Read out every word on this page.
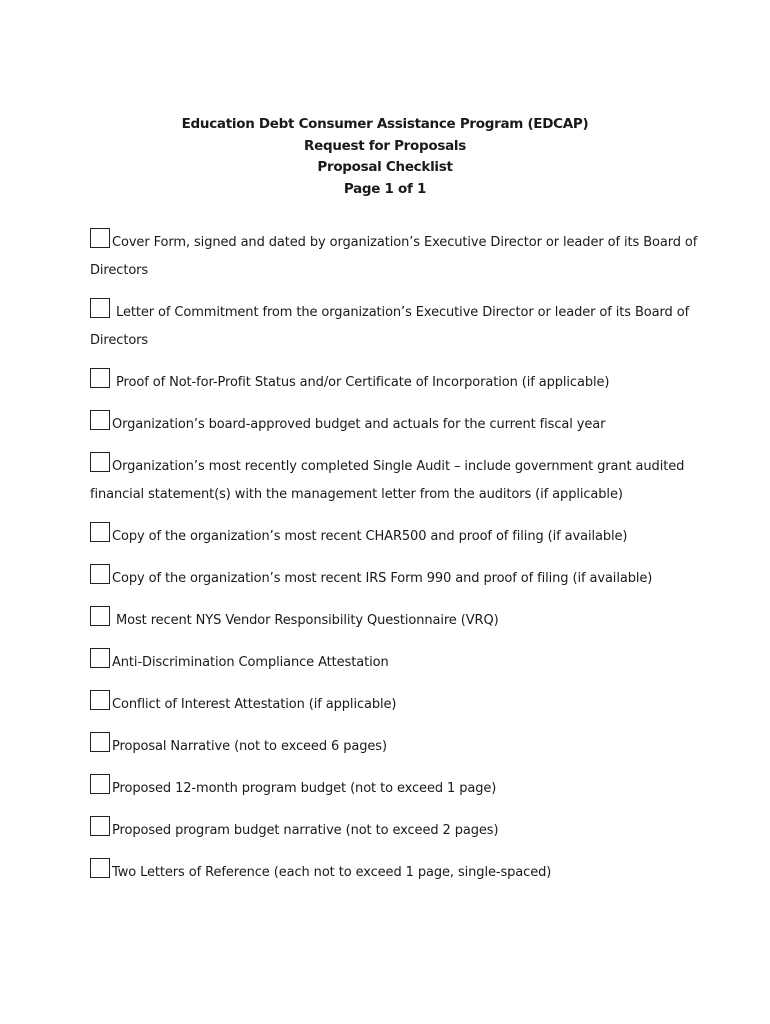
Education Debt Consumer Assistance Program (EDCAP)
Request for Proposals
Proposal Checklist
Page 1 of 1
Cover Form, signed and dated by organization’s Executive Director or leader of its Board of Directors
Letter of Commitment from the organization’s Executive Director or leader of its Board of Directors
Proof of Not-for-Profit Status and/or Certificate of Incorporation (if applicable)
Organization’s board-approved budget and actuals for the current fiscal year
Organization’s most recently completed Single Audit – include government grant audited financial statement(s) with the management letter from the auditors (if applicable)
Copy of the organization’s most recent CHAR500 and proof of filing (if available)
Copy of the organization’s most recent IRS Form 990 and proof of filing (if available)
Most recent NYS Vendor Responsibility Questionnaire (VRQ)
Anti-Discrimination Compliance Attestation
Conflict of Interest Attestation (if applicable)
Proposal Narrative (not to exceed 6 pages)
Proposed 12-month program budget (not to exceed 1 page)
Proposed program budget narrative (not to exceed 2 pages)
Two Letters of Reference (each not to exceed 1 page, single-spaced)
